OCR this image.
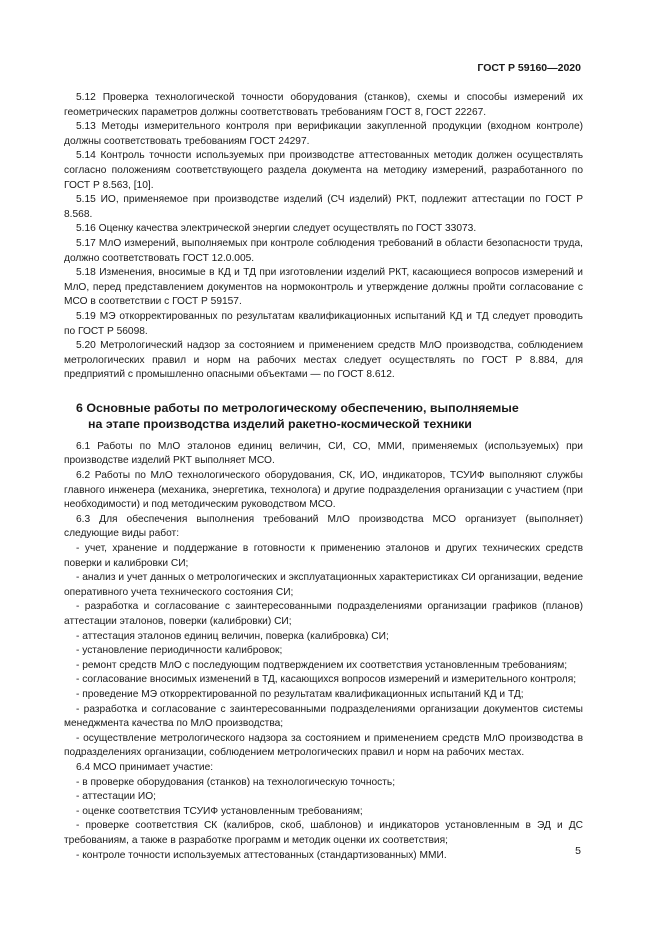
ГОСТ Р 59160—2020

5.12 Проверка технологической точности оборудования (станков), схемы и способы измерений их геометрических параметров должны соответствовать требованиям ГОСТ 8, ГОСТ 22267.

5.13 Методы измерительного контроля при верификации закупленной продукции (входном контроле) должны соответствовать требованиям ГОСТ 24297.

5.14 Контроль точности используемых при производстве аттестованных методик должен осуществлять согласно положениям соответствующего раздела документа на методику измерений, разработанного по ГОСТ Р 8.563, [10].

5.15 ИО, применяемое при производстве изделий (СЧ изделий) РКТ, подлежит аттестации по ГОСТ Р 8.568.

5.16 Оценку качества электрической энергии следует осуществлять по ГОСТ 33073.

5.17 МлО измерений, выполняемых при контроле соблюдения требований в области безопасности труда, должно соответствовать ГОСТ 12.0.005.

5.18 Изменения, вносимые в КД и ТД при изготовлении изделий РКТ, касающиеся вопросов измерений и МлО, перед представлением документов на нормоконтроль и утверждение должны пройти согласование с МСО в соответствии с ГОСТ Р 59157.

5.19 МЭ откорректированных по результатам квалификационных испытаний КД и ТД следует проводить по ГОСТ Р 56098.

5.20 Метрологический надзор за состоянием и применением средств МлО производства, соблюдением метрологических правил и норм на рабочих местах следует осуществлять по ГОСТ Р 8.884, для предприятий с промышленно опасными объектами — по ГОСТ 8.612.

6 Основные работы по метрологическому обеспечению, выполняемые
на этапе производства изделий ракетно-космической техники

6.1 Работы по МлО эталонов единиц величин, СИ, СО, ММИ, применяемых (используемых) при производстве изделий РКТ выполняет МСО.

6.2 Работы по МлО технологического оборудования, СК, ИО, индикаторов, ТСУИФ выполняют службы главного инженера (механика, энергетика, технолога) и другие подразделения организации с участием (при необходимости) и под методическим руководством МСО.

6.3 Для обеспечения выполнения требований МлО производства МСО организует (выполняет) следующие виды работ:

- учет, хранение и поддержание в готовности к применению эталонов и других технических средств поверки и калибровки СИ;

- анализ и учет данных о метрологических и эксплуатационных характеристиках СИ организации, ведение оперативного учета технического состояния СИ;

- разработка и согласование с заинтересованными подразделениями организации графиков (планов) аттестации эталонов, поверки (калибровки) СИ;

- аттестация эталонов единиц величин, поверка (калибровка) СИ;

- установление периодичности калибровок;

- ремонт средств МлО с последующим подтверждением их соответствия установленным требованиям;

- согласование вносимых изменений в ТД, касающихся вопросов измерений и измерительного контроля;

- проведение МЭ откорректированной по результатам квалификационных испытаний КД и ТД;

- разработка и согласование с заинтересованными подразделениями организации документов системы менеджмента качества по МлО производства;

- осуществление метрологического надзора за состоянием и применением средств МлО производства в подразделениях организации, соблюдением метрологических правил и норм на рабочих местах.

6.4 МСО принимает участие:

- в проверке оборудования (станков) на технологическую точность;

- аттестации ИО;

- оценке соответствия ТСУИФ установленным требованиям;

- проверке соответствия СК (калибров, скоб, шаблонов) и индикаторов установленным в ЭД и ДС требованиям, а также в разработке программ и методик оценки их соответствия;

- контроле точности используемых аттестованных (стандартизованных) ММИ.	5
